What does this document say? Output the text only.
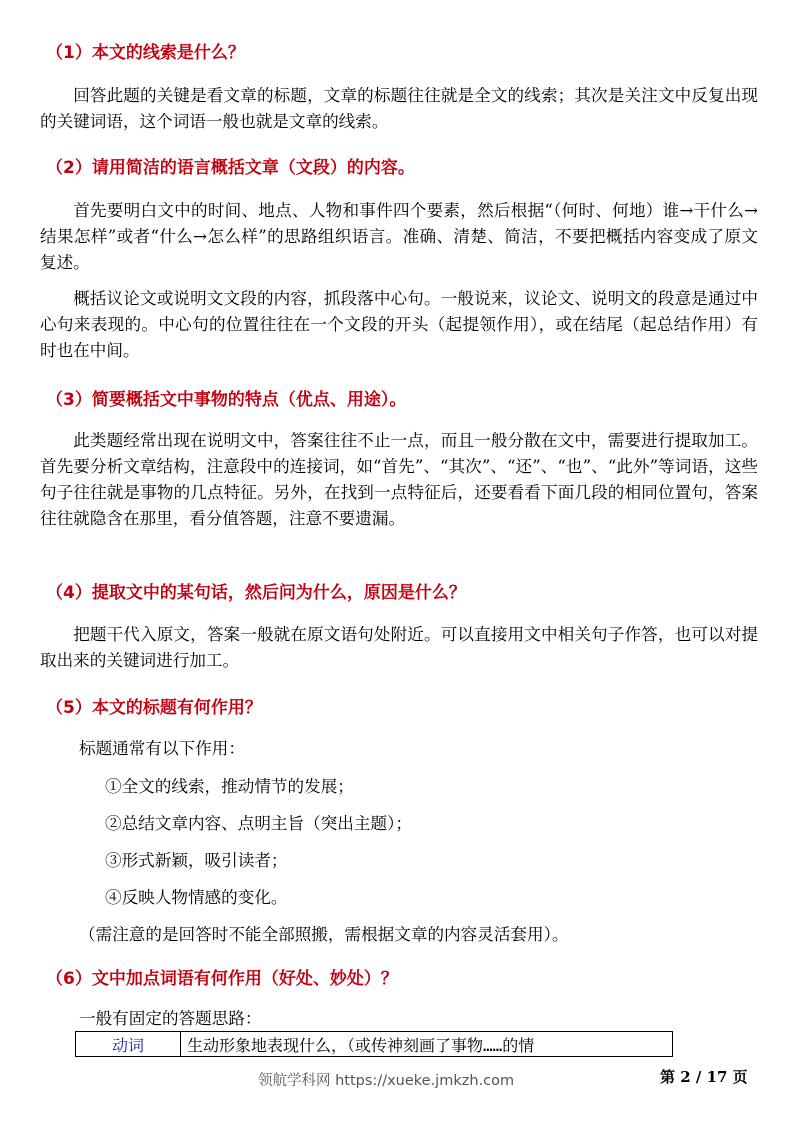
（1）本文的线索是什么？

回答此题的关键是看文章的标题，文章的标题往往就是全文的线索；其次是关注文中反复出现的关键词语，这个词语一般也就是文章的线索。

（2）请用简洁的语言概括文章（文段）的内容。

首先要明白文中的时间、地点、人物和事件四个要素，然后根据“（何时、何地）谁→干什么→结果怎样”或者“什么→怎么样”的思路组织语言。准确、清楚、简洁，不要把概括内容变成了原文复述。

概括议论文或说明文文段的内容，抓段落中心句。一般说来，议论文、说明文的段意是通过中心句来表现的。中心句的位置往往在一个文段的开头（起提领作用），或在结尾（起总结作用）有时也在中间。

（3）简要概括文中事物的特点（优点、用途）。

此类题经常出现在说明文中，答案往往不止一点，而且一般分散在文中，需要进行提取加工。首先要分析文章结构，注意段中的连接词，如“首先”、“其次”、“还”、“也”、“此外”等词语，这些句子往往就是事物的几点特征。另外，在找到一点特征后，还要看看下面几段的相同位置句，答案往往就隐含在那里，看分值答题，注意不要遗漏。

（4）提取文中的某句话，然后问为什么，原因是什么？

把题干代入原文，答案一般就在原文语句处附近。可以直接用文中相关句子作答，也可以对提取出来的关键词进行加工。

（5）本文的标题有何作用？
标题通常有以下作用：
①全文的线索，推动情节的发展；
②总结文章内容、点明主旨（突出主题）；
③形式新颖，吸引读者；
④反映人物情感的变化。
（需注意的是回答时不能全部照搬，需根据文章的内容灵活套用）。
（6）文中加点词语有何作用（好处、妙处）？
一般有固定的答题思路：
动词	生动形象地表现什么，（或传神刻画了事物……的情
领航学科网 https://xueke.jmkzh.com	第 2 / 17 页
